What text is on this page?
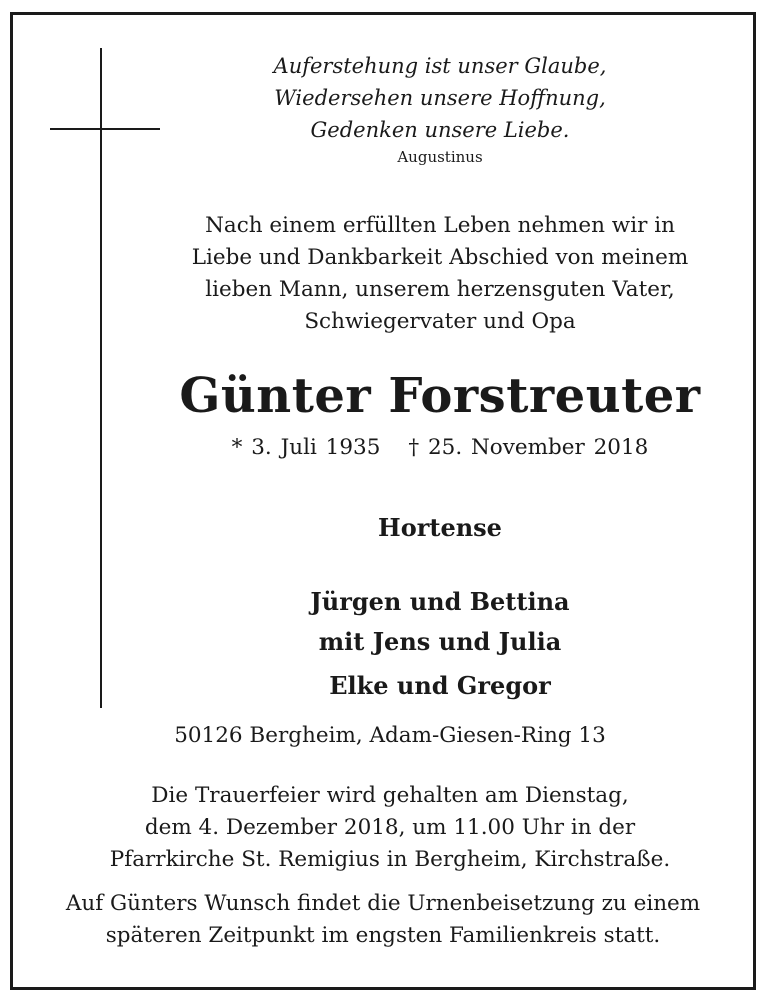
Auferstehung ist unser Glaube,
Wiedersehen unsere Hoffnung,
Gedenken unsere Liebe.
Augustinus
Nach einem erfüllten Leben nehmen wir in
Liebe und Dankbarkeit Abschied von meinem
lieben Mann, unserem herzensguten Vater,
Schwiegervater und Opa
Günter Forstreuter
* 3. Juli 1935 † 25. November 2018
Hortense
Jürgen und Bettina
mit Jens und Julia
Elke und Gregor
50126 Bergheim, Adam-Giesen-Ring 13
Die Trauerfeier wird gehalten am Dienstag,
dem 4. Dezember 2018, um 11.00 Uhr in der
Pfarrkirche St. Remigius in Bergheim, Kirchstraße.
Auf Günters Wunsch findet die Urnenbeisetzung zu einem
späteren Zeitpunkt im engsten Familienkreis statt.
